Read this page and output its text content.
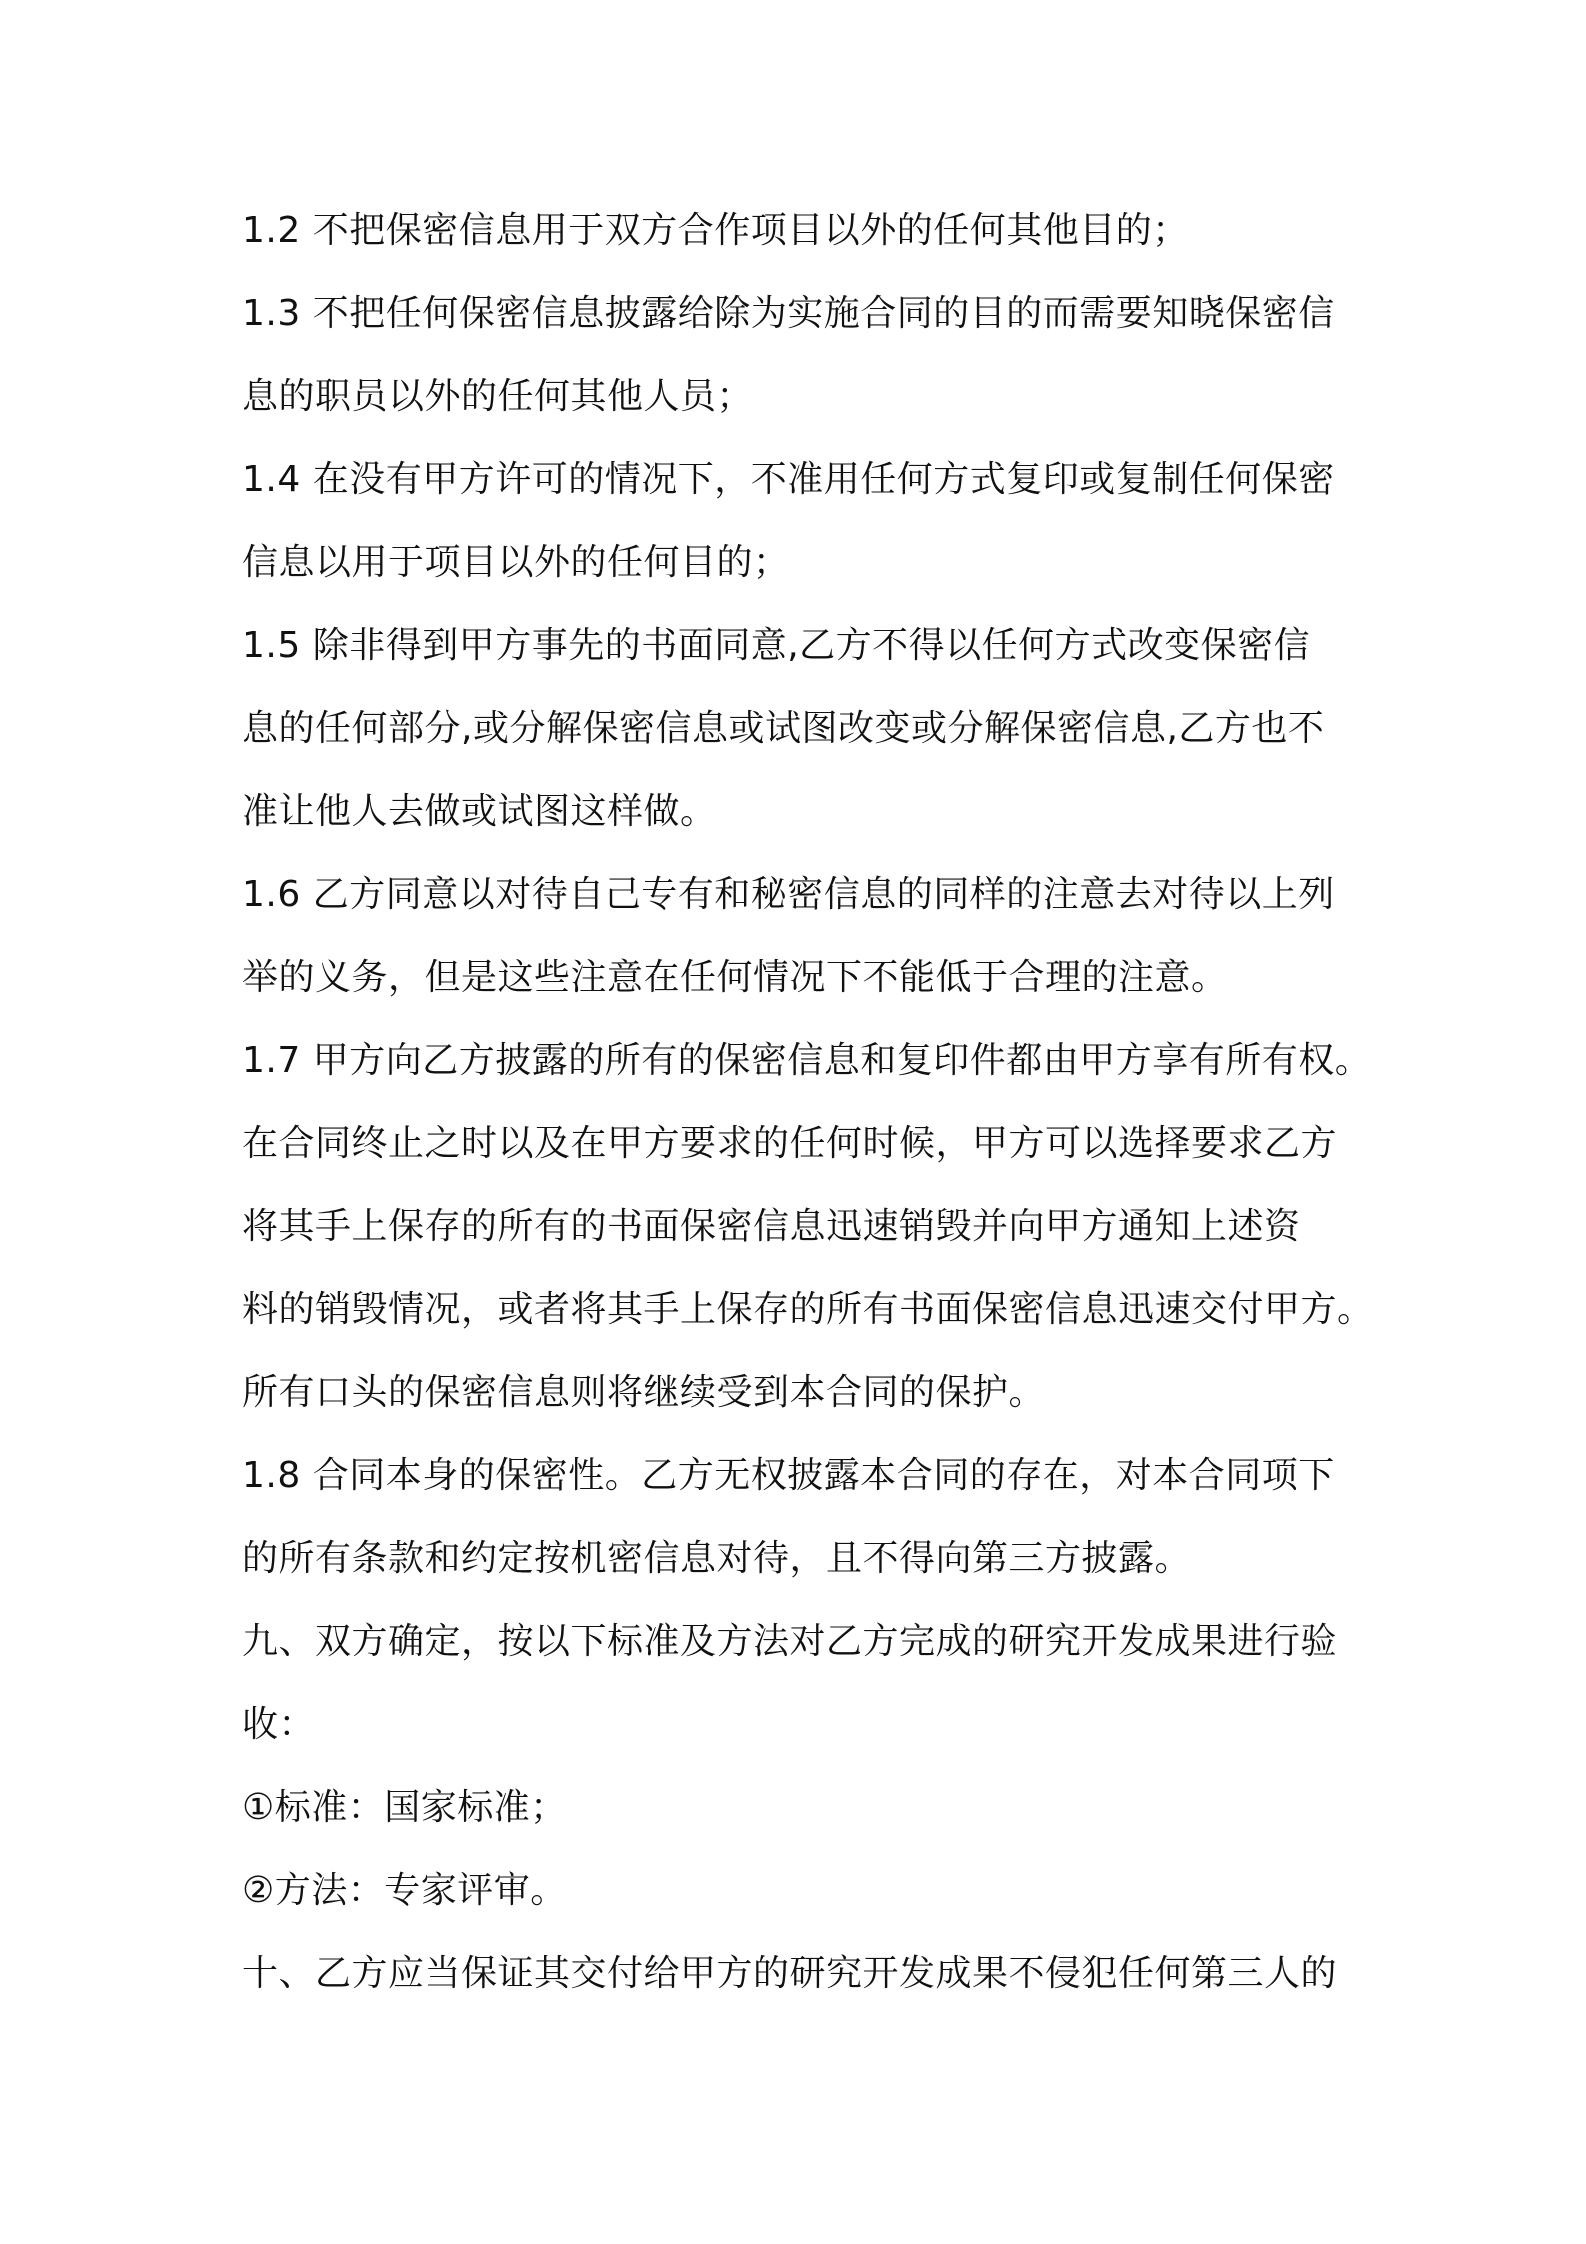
1.2 不把保密信息用于双方合作项目以外的任何其他目的；
1.3 不把任何保密信息披露给除为实施合同的目的而需要知晓保密信
息的职员以外的任何其他人员；
1.4 在没有甲方许可的情况下，不准用任何方式复印或复制任何保密
信息以用于项目以外的任何目的；
1.5 除非得到甲方事先的书面同意,乙方不得以任何方式改变保密信
息的任何部分,或分解保密信息或试图改变或分解保密信息,乙方也不
准让他人去做或试图这样做。
1.6 乙方同意以对待自己专有和秘密信息的同样的注意去对待以上列
举的义务，但是这些注意在任何情况下不能低于合理的注意。
1.7 甲方向乙方披露的所有的保密信息和复印件都由甲方享有所有权。
在合同终止之时以及在甲方要求的任何时候，甲方可以选择要求乙方
将其手上保存的所有的书面保密信息迅速销毁并向甲方通知上述资
料的销毁情况，或者将其手上保存的所有书面保密信息迅速交付甲方。
所有口头的保密信息则将继续受到本合同的保护。
1.8 合同本身的保密性。乙方无权披露本合同的存在，对本合同项下
的所有条款和约定按机密信息对待，且不得向第三方披露。
九、双方确定，按以下标准及方法对乙方完成的研究开发成果进行验
收：
①标准：国家标准；
②方法：专家评审。
十、乙方应当保证其交付给甲方的研究开发成果不侵犯任何第三人的
